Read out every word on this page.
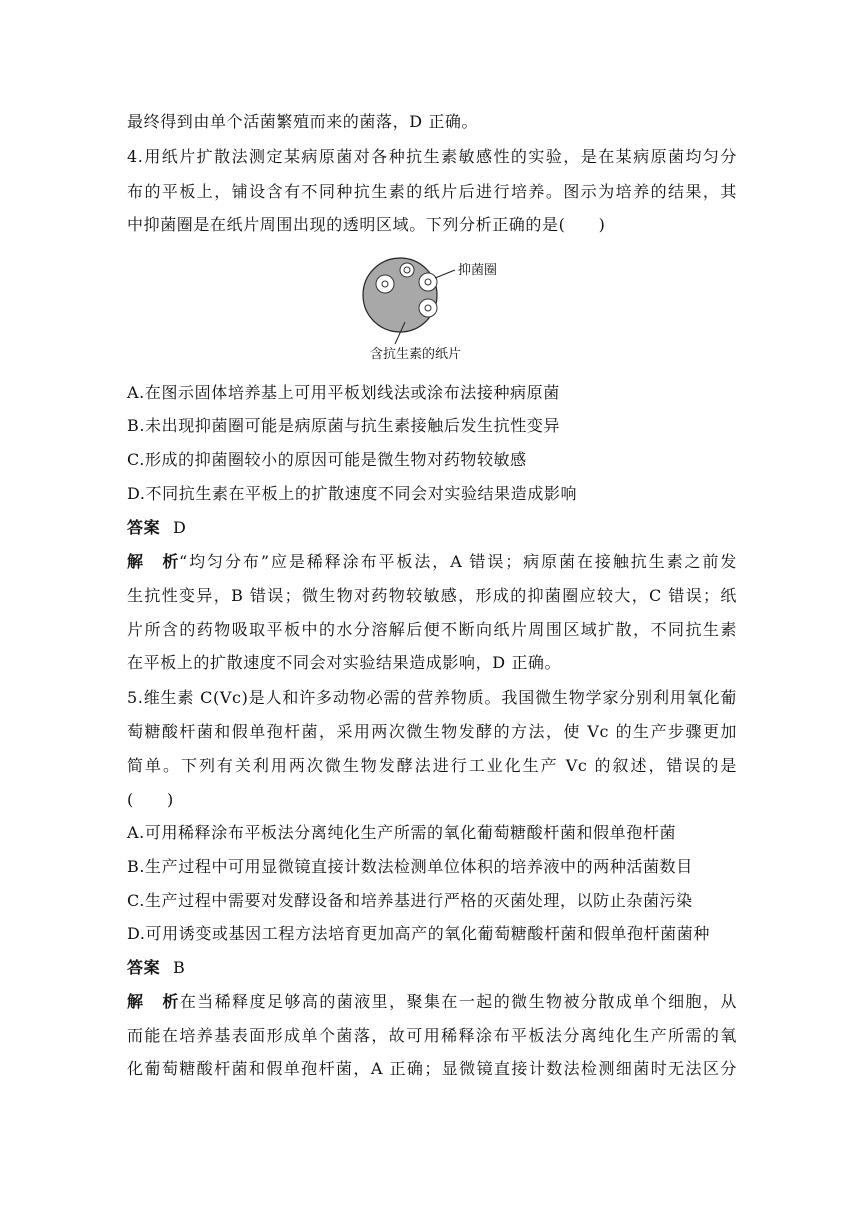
最终得到由单个活菌繁殖而来的菌落，D 正确。
4.用纸片扩散法测定某病原菌对各种抗生素敏感性的实验，是在某病原菌均匀分
布的平板上，铺设含有不同种抗生素的纸片后进行培养。图示为培养的结果，其
中抑菌圈是在纸片周围出现的透明区域。下列分析正确的是(　　)
抑菌圈
含抗生素的纸片
A.在图示固体培养基上可用平板划线法或涂布法接种病原菌
B.未出现抑菌圈可能是病原菌与抗生素接触后发生抗性变异
C.形成的抑菌圈较小的原因可能是微生物对药物较敏感
D.不同抗生素在平板上的扩散速度不同会对实验结果造成影响
答案 D
解析“均匀分布”应是稀释涂布平板法，A 错误；病原菌在接触抗生素之前发
生抗性变异，B 错误；微生物对药物较敏感，形成的抑菌圈应较大，C 错误；纸
片所含的药物吸取平板中的水分溶解后便不断向纸片周围区域扩散，不同抗生素
在平板上的扩散速度不同会对实验结果造成影响，D 正确。
5.维生素 C(Vc)是人和许多动物必需的营养物质。我国微生物学家分别利用氧化葡
萄糖酸杆菌和假单孢杆菌，采用两次微生物发酵的方法，使 Vc 的生产步骤更加
简单。下列有关利用两次微生物发酵法进行工业化生产 Vc 的叙述，错误的是
(　　)
A.可用稀释涂布平板法分离纯化生产所需的氧化葡萄糖酸杆菌和假单孢杆菌
B.生产过程中可用显微镜直接计数法检测单位体积的培养液中的两种活菌数目
C.生产过程中需要对发酵设备和培养基进行严格的灭菌处理，以防止杂菌污染
D.可用诱变或基因工程方法培育更加高产的氧化葡萄糖酸杆菌和假单孢杆菌菌种
答案 B
解析在当稀释度足够高的菌液里，聚集在一起的微生物被分散成单个细胞，从
而能在培养基表面形成单个菌落，故可用稀释涂布平板法分离纯化生产所需的氧
化葡萄糖酸杆菌和假单孢杆菌，A 正确；显微镜直接计数法检测细菌时无法区分
